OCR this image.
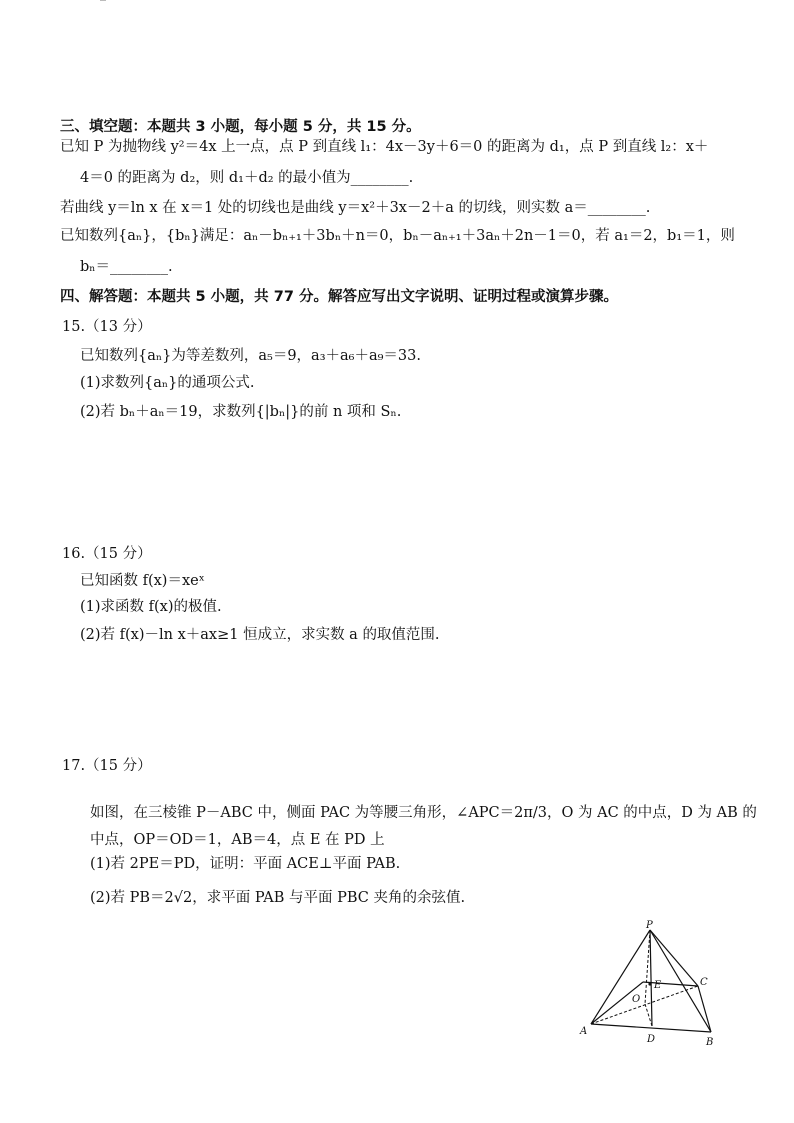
三、填空题：本题共 3 小题，每小题 5 分，共 15 分。
已知 P 为抛物线 y²＝4x 上一点，点 P 到直线 l₁：4x－3y＋6＝0 的距离为 d₁，点 P 到直线 l₂：x＋
4＝0 的距离为 d₂，则 d₁＋d₂ 的最小值为________.
若曲线 y＝ln x 在 x＝1 处的切线也是曲线 y＝x²＋3x－2＋a 的切线，则实数 a＝________.
已知数列{aₙ}，{bₙ}满足：aₙ－bₙ₊₁＋3bₙ＋n＝0，bₙ－aₙ₊₁＋3aₙ＋2n－1＝0，若 a₁＝2，b₁＝1，则
bₙ＝________.
四、解答题：本题共 5 小题，共 77 分。解答应写出文字说明、证明过程或演算步骤。
15.（13 分）
已知数列{aₙ}为等差数列，a₅＝9，a₃＋a₆＋a₉＝33.
(1)求数列{aₙ}的通项公式.
(2)若 bₙ＋aₙ＝19，求数列{|bₙ|}的前 n 项和 Sₙ.
16.（15 分）
已知函数 f(x)＝xeˣ
(1)求函数 f(x)的极值.
(2)若 f(x)－ln x＋ax≥1 恒成立，求实数 a 的取值范围.
17.（15 分）
如图，在三棱锥 P－ABC 中，侧面 PAC 为等腰三角形，∠APC＝2π/3，O 为 AC 的中点，D 为 AB 的
中点，OP＝OD＝1，AB＝4，点 E 在 PD 上
(1)若 2PE＝PD，证明：平面 ACE⊥平面 PAB.
(2)若 PB＝2√2，求平面 PAB 与平面 PBC 夹角的余弦值.
P
A
B
C
D
O
E
